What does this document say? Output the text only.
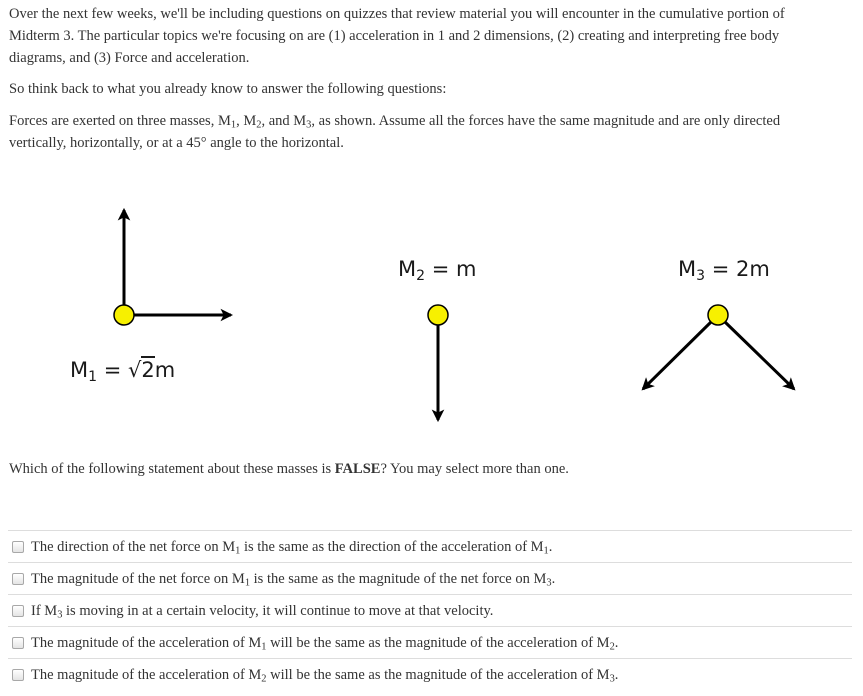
Over the next few weeks, we'll be including questions on quizzes that review material you will encounter in the cumulative portion of Midterm 3. The particular topics we're focusing on are (1) acceleration in 1 and 2 dimensions, (2) creating and interpreting free body diagrams, and (3) Force and acceleration.

So think back to what you already know to answer the following questions:

Forces are exerted on three masses, $M_1$, $M_2$, and $M_3$, as shown. Assume all the forces have the same magnitude and are only directed vertically, horizontally, or at a 45° angle to the horizontal.

$M_1 = √2m$
$M_2 = m$	$M_3 = 2m$

Which of the following statement about these masses is FALSE? You may select more than one.

The direction of the net force on $M_1$ is the same as the direction of the acceleration of $M_1$.
The magnitude of the net force on $M_1$ is the same as the magnitude of the net force on $M_3$.
If $M_3$ is moving in at a certain velocity, it will continue to move at that velocity.
The magnitude of the acceleration of $M_1$ will be the same as the magnitude of the acceleration of $M_2$.
The magnitude of the acceleration of $M_2$ will be the same as the magnitude of the acceleration of $M_3$.
